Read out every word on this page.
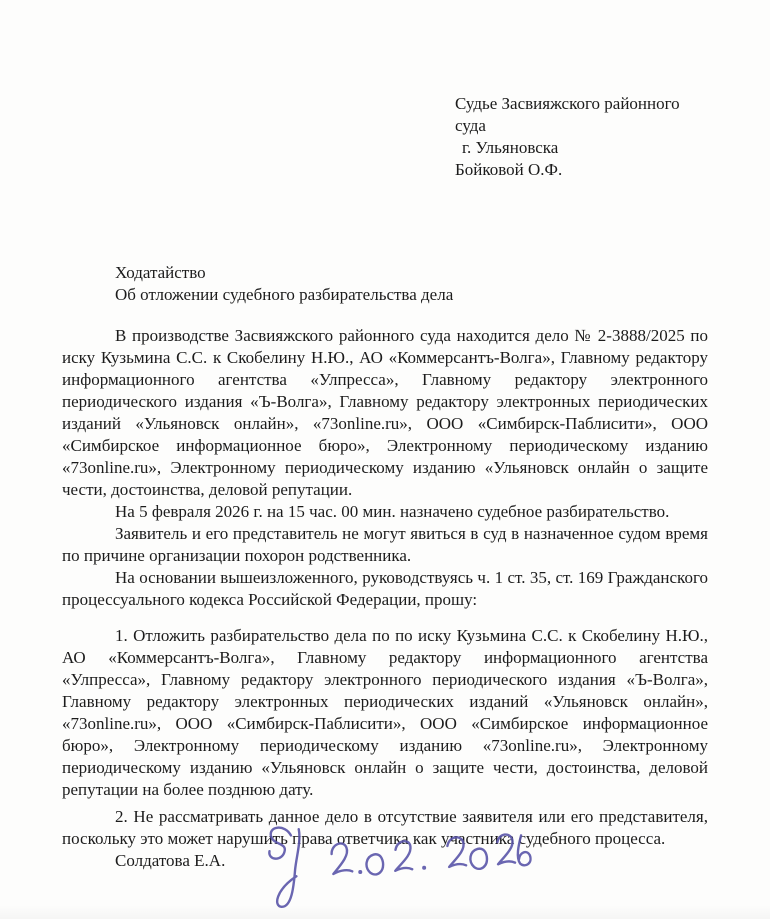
Судье Засвияжского районного суда
г. Ульяновска
Бойковой О.Ф.
Ходатайство
Об отложении судебного разбирательства дела

В производстве Засвияжского районного суда находится дело № 2-3888/2025 по иску Кузьмина С.С. к Скобелину Н.Ю., АО «Коммерсантъ-Волга», Главному редактору информационного агентства «Улпресса», Главному редактору электронного периодического издания «Ъ-Волга», Главному редактору электронных периодических изданий «Ульяновск онлайн», «73online.ru», ООО «Симбирск-Паблисити», ООО «Симбирское информационное бюро», Электронному периодическому изданию «73online.ru», Электронному периодическому изданию «Ульяновск онлайн о защите чести, достоинства, деловой репутации.

На 5 февраля 2026 г. на 15 час. 00 мин. назначено судебное разбирательство.

Заявитель и его представитель не могут явиться в суд в назначенное судом время по причине организации похорон родственника.

На основании вышеизложенного, руководствуясь ч. 1 ст. 35, ст. 169 Гражданского процессуального кодекса Российской Федерации, прошу:

1. Отложить разбирательство дела по по иску Кузьмина С.С. к Скобелину Н.Ю., АО «Коммерсантъ-Волга», Главному редактору информационного агентства «Улпресса», Главному редактору электронного периодического издания «Ъ-Волга», Главному редактору электронных периодических изданий «Ульяновск онлайн», «73online.ru», ООО «Симбирск-Паблисити», ООО «Симбирское информационное бюро», Электронному периодическому изданию «73online.ru», Электронному периодическому изданию «Ульяновск онлайн о защите чести, достоинства, деловой репутации на более позднюю дату.

2. Не рассматривать данное дело в отсутствие заявителя или его представителя, поскольку это может нарушить права ответчика как участника судебного процесса.

Солдатова Е.А.
